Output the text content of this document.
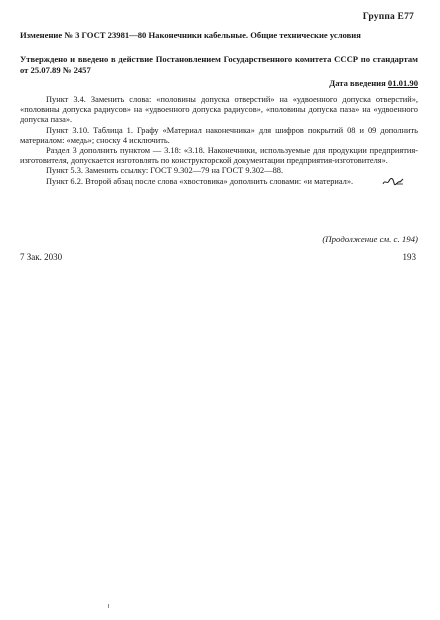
Группа Е77
Изменение № 3 ГОСТ 23981—80 Наконечники кабельные. Общие технические условия
Утверждено и введено в действие Постановлением Государственного комитета СССР по стандартам от 25.07.89 № 2457
Дата введения 01.01.90

Пункт 3.4. Заменить слова: «половины допуска отверстий» на «удвоенного допуска отверстий», «половины допуска радиусов» на «удвоенного допуска радиусов», «половины допуска паза» на «удвоенного допуска паза».

Пункт 3.10. Таблица 1. Графу «Материал наконечника» для шифров покрытий 08 и 09 дополнить материалом: «медь»; сноску 4 исключить.

Раздел 3 дополнить пунктом — 3.18: «3.18. Наконечники, используемые для продукции предприятия-изготовителя, допускается изготовлять по конструкторской документации предприятия-изготовителя».

Пункт 5.3. Заменить ссылку: ГОСТ 9.302—79 на ГОСТ 9.302—88.

Пункт 6.2. Второй абзац после слова «хвостовика» дополнить словами: «и материал».

(Продолжение см. с. 194)
7 Зак. 2030	193
